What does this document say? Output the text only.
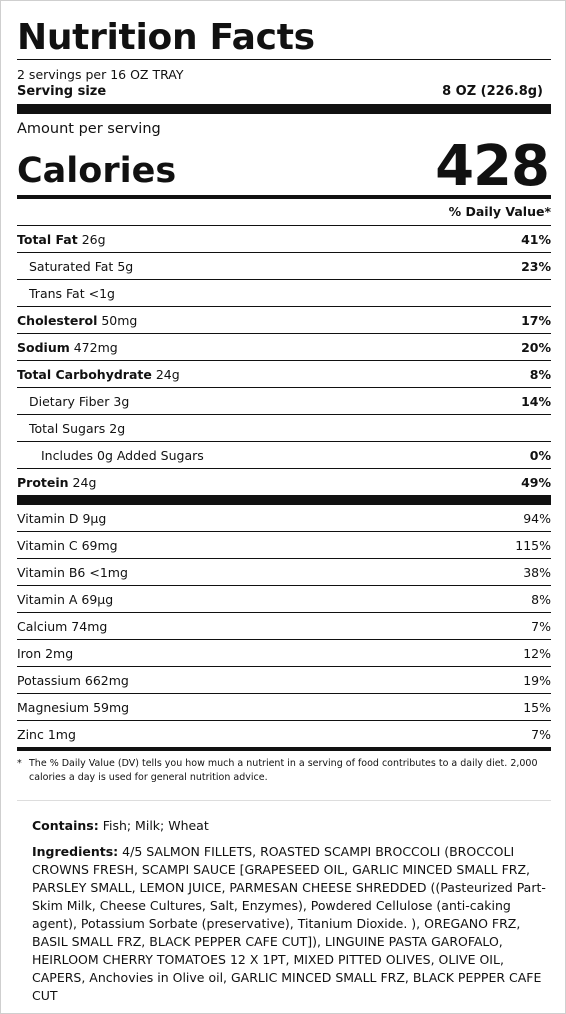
Nutrition Facts
2 servings per 16 OZ TRAY
Serving size	8 OZ (226.8g)
Amount per serving
Calories	428
% Daily Value*
Total Fat 26g	41%
Saturated Fat 5g	23%
Trans Fat <1g
Cholesterol 50mg	17%
Sodium 472mg	20%
Total Carbohydrate 24g	8%
Dietary Fiber 3g	14%
Total Sugars 2g
Includes 0g Added Sugars	0%
Protein 24g	49%
Vitamin D 9µg	94%
Vitamin C 69mg	115%
Vitamin B6 <1mg	38%
Vitamin A 69µg	8%
Calcium 74mg	7%
Iron 2mg	12%
Potassium 662mg	19%
Magnesium 59mg	15%
Zinc 1mg	7%
* The % Daily Value (DV) tells you how much a nutrient in a serving of food contributes to a daily diet. 2,000 calories a day is used for general nutrition advice.
Contains: Fish; Milk; Wheat
Ingredients: 4/5 SALMON FILLETS, ROASTED SCAMPI BROCCOLI (BROCCOLI CROWNS FRESH, SCAMPI SAUCE [GRAPESEED OIL, GARLIC MINCED SMALL FRZ, PARSLEY SMALL, LEMON JUICE, PARMESAN CHEESE SHREDDED ((Pasteurized Part-Skim Milk, Cheese Cultures, Salt, Enzymes), Powdered Cellulose (anti-caking agent), Potassium Sorbate (preservative), Titanium Dioxide. ), OREGANO FRZ, BASIL SMALL FRZ, BLACK PEPPER CAFE CUT]), LINGUINE PASTA GAROFALO, HEIRLOOM CHERRY TOMATOES 12 X 1PT, MIXED PITTED OLIVES, OLIVE OIL, CAPERS, Anchovies in Olive oil, GARLIC MINCED SMALL FRZ, BLACK PEPPER CAFE CUT
